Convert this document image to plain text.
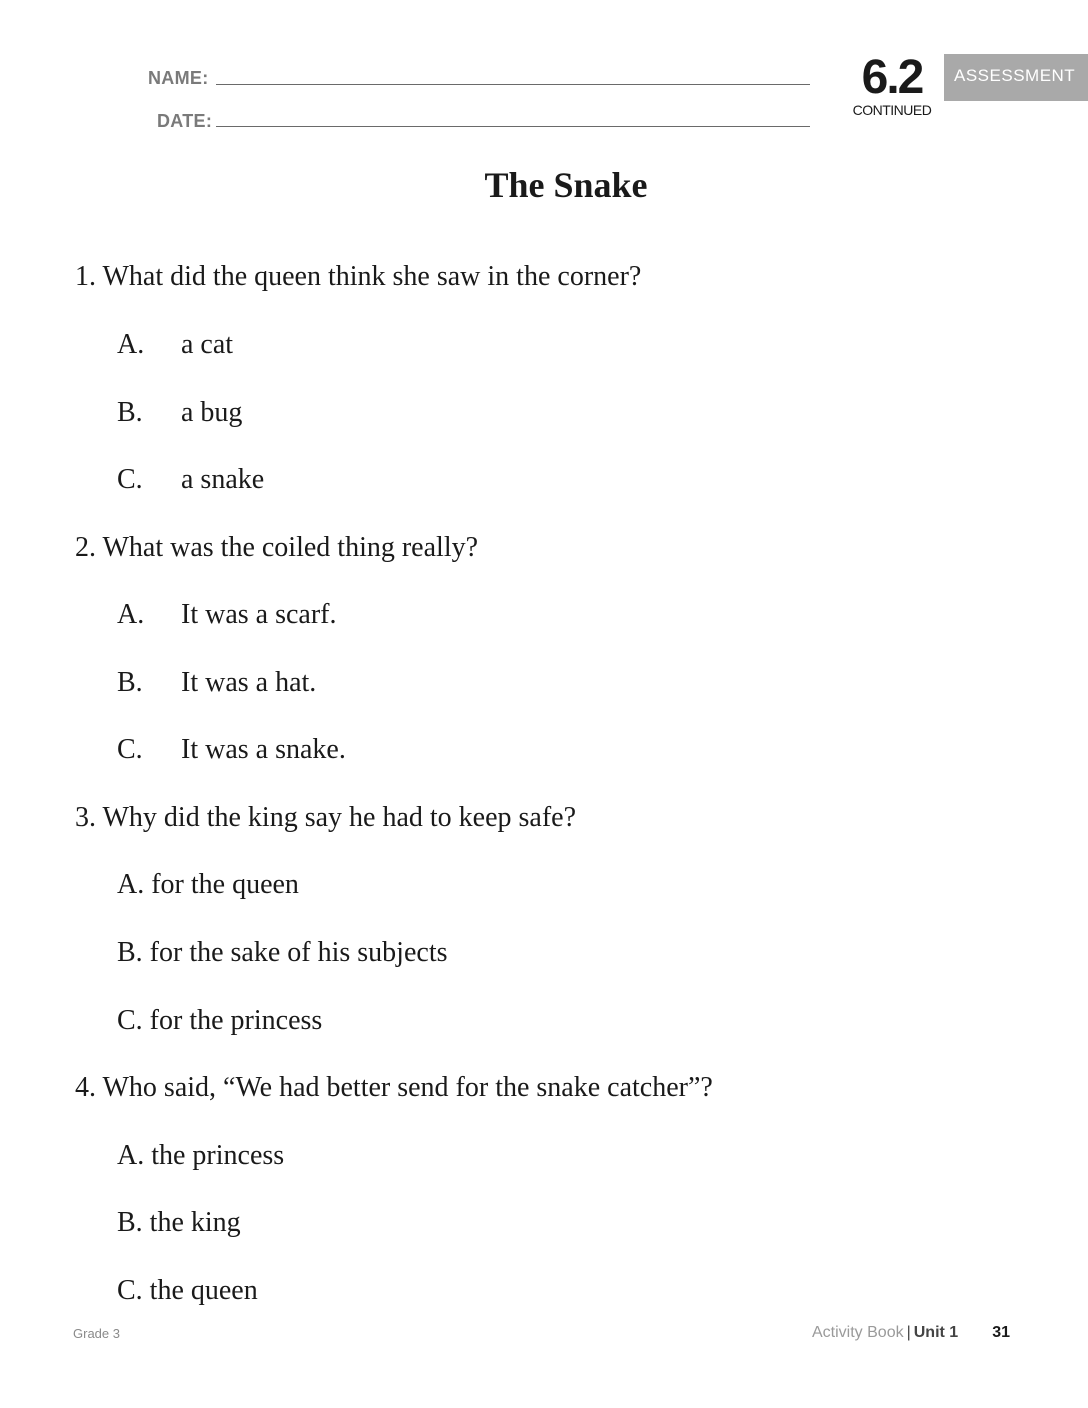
NAME:
DATE:
6.2
CONTINUED
ASSESSMENT
The Snake
1. What did the queen think she saw in the corner?
A. a cat
B. a bug
C. a snake
2. What was the coiled thing really?
A. It was a scarf.
B. It was a hat.
C. It was a snake.
3. Why did the king say he had to keep safe?
A. for the queen
B. for the sake of his subjects
C. for the princess
4. Who said, “We had better send for the snake catcher”?
A. the princess
B. the king
C. the queen
Grade 3	Activity Book | Unit 1 31
